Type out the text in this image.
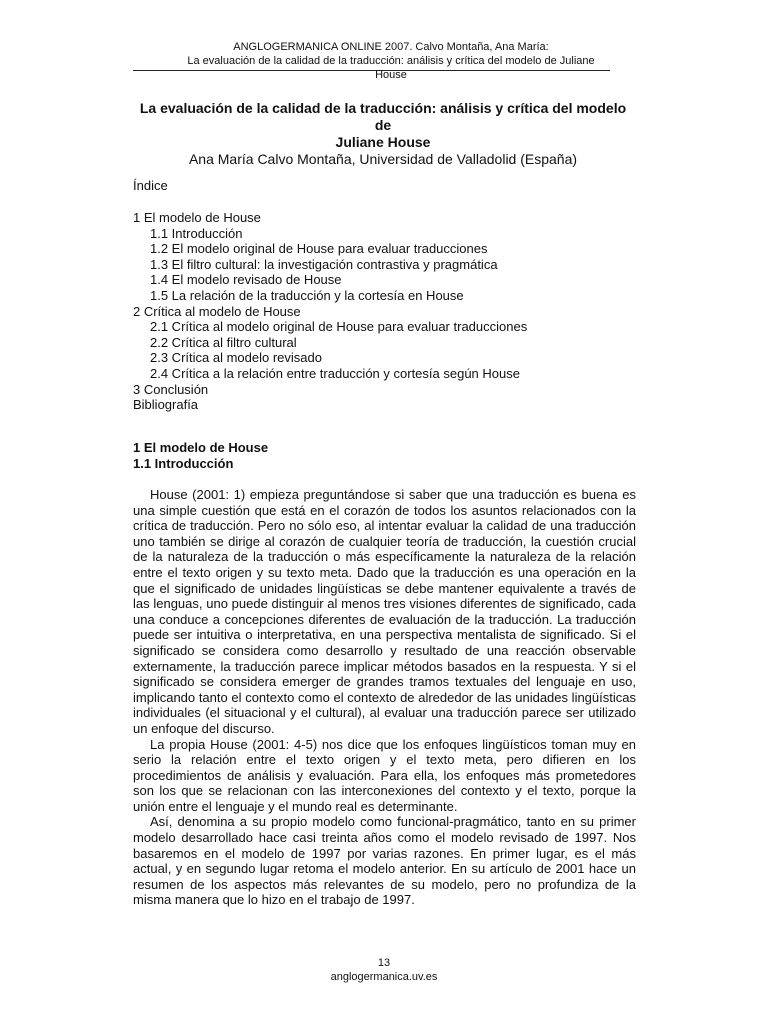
ANGLOGERMANICA ONLINE 2007. Calvo Montaña, Ana María:
La evaluación de la calidad de la traducción: análisis y crítica del modelo de Juliane House
La evaluación de la calidad de la traducción: análisis y crítica del modelo de
Juliane House
Ana María Calvo Montaña, Universidad de Valladolid (España)
Índice
1 El modelo de House
1.1 Introducción
1.2 El modelo original de House para evaluar traducciones
1.3 El filtro cultural: la investigación contrastiva y pragmática
1.4 El modelo revisado de House
1.5 La relación de la traducción y la cortesía en House
2 Crítica al modelo de House
2.1 Crítica al modelo original de House para evaluar traducciones
2.2 Crítica al filtro cultural
2.3 Crítica al modelo revisado
2.4 Crítica a la relación entre traducción y cortesía según House
3 Conclusión
Bibliografía
1 El modelo de House
1.1 Introducción

House (2001: 1) empieza preguntándose si saber que una traducción es buena es una simple cuestión que está en el corazón de todos los asuntos relacionados con la crítica de traducción. Pero no sólo eso, al intentar evaluar la calidad de una traducción uno también se dirige al corazón de cualquier teoría de traducción, la cuestión crucial de la naturaleza de la traducción o más específicamente la naturaleza de la relación entre el texto origen y su texto meta. Dado que la traducción es una operación en la que el significado de unidades lingüísticas se debe mantener equivalente a través de las lenguas, uno puede distinguir al menos tres visiones diferentes de significado, cada una conduce a concepciones diferentes de evaluación de la traducción. La traducción puede ser intuitiva o interpretativa, en una perspectiva mentalista de significado. Si el significado se considera como desarrollo y resultado de una reacción observable externamente, la traducción parece implicar métodos basados en la respuesta. Y si el significado se considera emerger de grandes tramos textuales del lenguaje en uso, implicando tanto el contexto como el contexto de alrededor de las unidades lingüísticas individuales (el situacional y el cultural), al evaluar una traducción parece ser utilizado un enfoque del discurso.

La propia House (2001: 4-5) nos dice que los enfoques lingüísticos toman muy en serio la relación entre el texto origen y el texto meta, pero difieren en los procedimientos de análisis y evaluación. Para ella, los enfoques más prometedores son los que se relacionan con las interconexiones del contexto y el texto, porque la unión entre el lenguaje y el mundo real es determinante.

Así, denomina a su propio modelo como funcional-pragmático, tanto en su primer modelo desarrollado hace casi treinta años como el modelo revisado de 1997. Nos basaremos en el modelo de 1997 por varias razones. En primer lugar, es el más actual, y en segundo lugar retoma el modelo anterior. En su artículo de 2001 hace un resumen de los aspectos más relevantes de su modelo, pero no profundiza de la misma manera que lo hizo en el trabajo de 1997.

13
anglogermanica.uv.es
